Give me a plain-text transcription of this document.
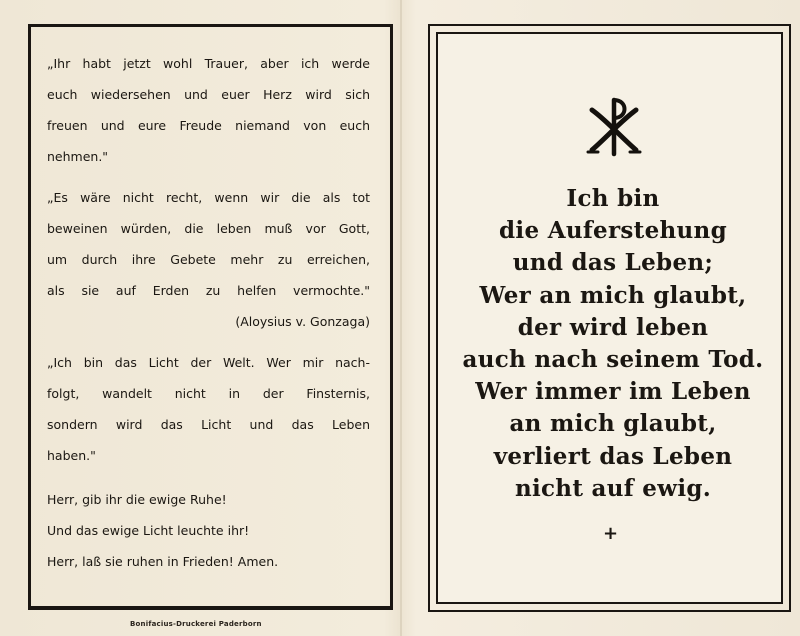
„Ihr habt jetzt wohl Trauer, aber ich werde
euch wiedersehen und euer Herz wird sich
freuen und eure Freude niemand von euch
nehmen."
„Es wäre nicht recht, wenn wir die als tot
beweinen würden, die leben muß vor Gott,
um durch ihre Gebete mehr zu erreichen,
als sie auf Erden zu helfen vermochte."
(Aloysius v. Gonzaga)
„Ich bin das Licht der Welt. Wer mir nach-
folgt, wandelt nicht in der Finsternis,
sondern wird das Licht und das Leben
haben."
Herr, gib ihr die ewige Ruhe!
Und das ewige Licht leuchte ihr!
Herr, laß sie ruhen in Frieden! Amen.
Bonifacius-Druckerei Paderborn
Ich bin
die Auferstehung
und das Leben;
Wer an mich glaubt,
der wird leben
auch nach seinem Tod.
Wer immer im Leben
an mich glaubt,
verliert das Leben
nicht auf ewig.
+
